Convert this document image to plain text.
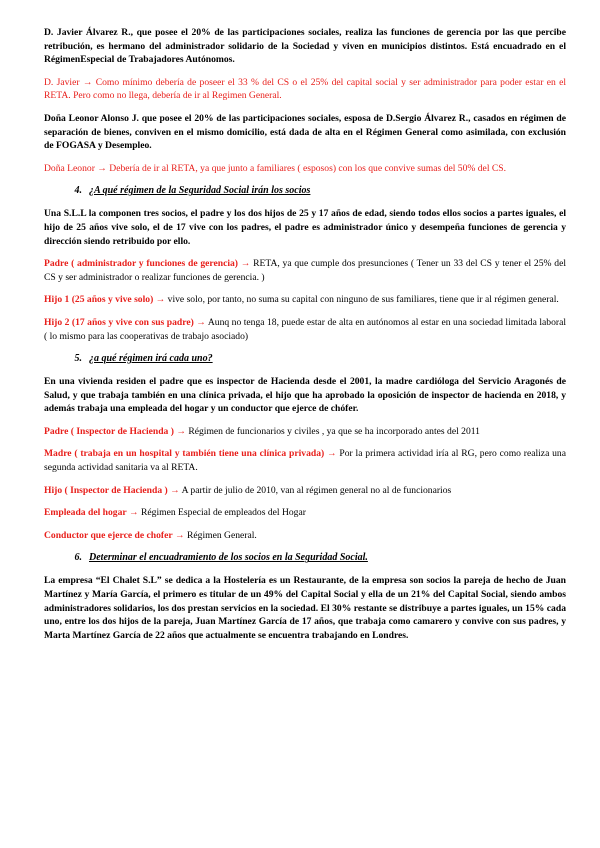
D. Javier Álvarez R., que posee el 20% de las participaciones sociales, realiza las funciones de gerencia por las que percibe retribución, es hermano del administrador solidario de la Sociedad y viven en municipios distintos. Está encuadrado en el RégimenEspecial de Trabajadores Autónomos.

D. Javier → Como mínimo debería de poseer el 33 % del CS o el 25% del capital social y ser administrador para poder estar en el RETA. Pero como no llega, debería de ir al Regimen General.

Doña Leonor Alonso J. que posee el 20% de las participaciones sociales, esposa de D.Sergio Álvarez R., casados en régimen de separación de bienes, conviven en el mismo domicilio, está dada de alta en el Régimen General como asimilada, con exclusión de FOGASA y Desempleo.

Doña Leonor → Debería de ir al RETA, ya que junto a familiares ( esposos) con los que convive sumas del 50% del CS.

4. ¿A qué régimen de la Seguridad Social irán los socios

Una S.L.L la componen tres socios, el padre y los dos hijos de 25 y 17 años de edad, siendo todos ellos socios a partes iguales, el hijo de 25 años vive solo, el de 17 vive con los padres, el padre es administrador único y desempeña funciones de gerencia y dirección siendo retribuido por ello.

Padre ( administrador y funciones de gerencia) → RETA, ya que cumple dos presunciones ( Tener un 33 del CS y tener el 25% del CS y ser administrador o realizar funciones de gerencia. )

Hijo 1 (25 años y vive solo) → vive solo, por tanto, no suma su capital con ninguno de sus familiares, tiene que ir al régimen general.

Hijo 2 (17 años y vive con sus padre) → Aunq no tenga 18, puede estar de alta en autónomos al estar en una sociedad limitada laboral ( lo mismo para las cooperativas de trabajo asociado)

5. ¿a qué régimen irá cada uno?

En una vivienda residen el padre que es inspector de Hacienda desde el 2001, la madre cardióloga del Servicio Aragonés de Salud, y que trabaja también en una clínica privada, el hijo que ha aprobado la oposición de inspector de hacienda en 2018, y además trabaja una empleada del hogar y un conductor que ejerce de chófer.

Padre ( Inspector de Hacienda ) → Régimen de funcionarios y civiles , ya que se ha incorporado antes del 2011

Madre ( trabaja en un hospital y también tiene una clínica privada) → Por la primera actividad iría al RG, pero como realiza una segunda actividad sanitaria va al RETA.

Hijo ( Inspector de Hacienda ) → A partir de julio de 2010, van al régimen general no al de funcionarios

Empleada del hogar → Régimen Especial de empleados del Hogar

Conductor que ejerce de chofer → Régimen General.

6. Determinar el encuadramiento de los socios en la Seguridad Social.

La empresa “El Chalet S.L” se dedica a la Hostelería es un Restaurante, de la empresa son socios la pareja de hecho de Juan Martínez y María García, el primero es titular de un 49% del Capital Social y ella de un 21% del Capital Social, siendo ambos administradores solidarios, los dos prestan servicios en la sociedad. El 30% restante se distribuye a partes iguales, un 15% cada uno, entre los dos hijos de la pareja, Juan Martínez García de 17 años, que trabaja como camarero y convive con sus padres, y Marta Martínez García de 22 años que actualmente se encuentra trabajando en Londres.
